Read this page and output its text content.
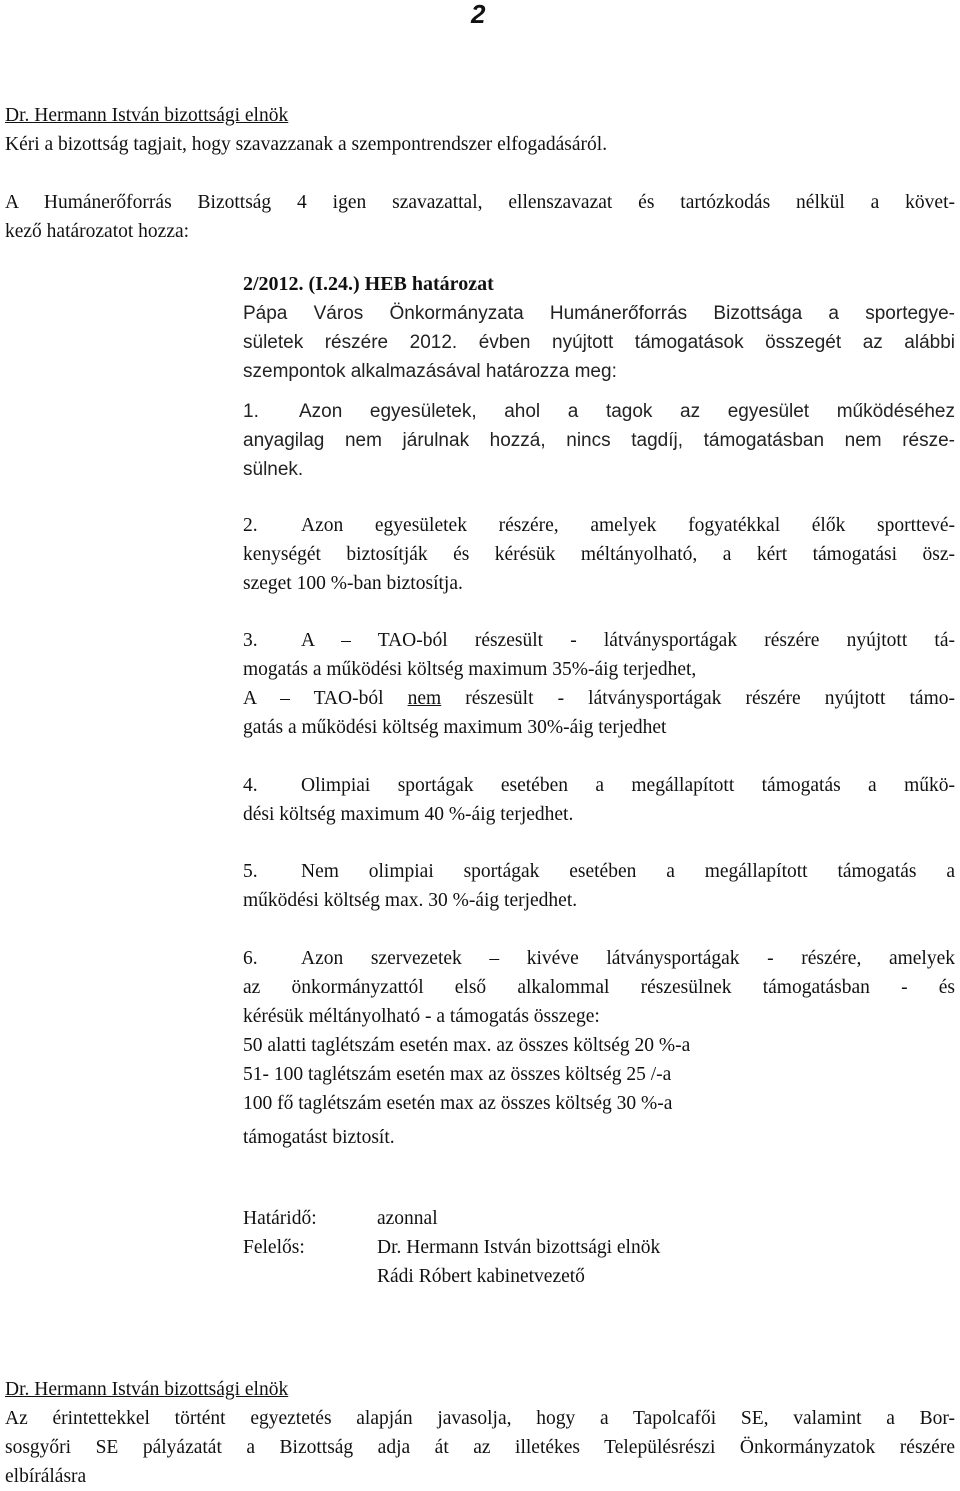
2
Dr. Hermann István bizottsági elnök
Kéri a bizottság tagjait, hogy szavazzanak a szempontrendszer elfogadásáról.
A Humánerőforrás Bizottság 4 igen szavazattal, ellenszavazat és tartózkodás nélkül a követ-
kező határozatot hozza:
2/2012. (I.24.) HEB határozat
Pápa Város Önkormányzata Humánerőforrás Bizottsága a sportegye-
sületek részére 2012. évben nyújtott támogatások összegét az alábbi
szempontok alkalmazásával határozza meg:
1. Azon egyesületek, ahol a tagok az egyesület működéséhez
anyagilag nem járulnak hozzá, nincs tagdíj, támogatásban nem része-
sülnek.
2. Azon egyesületek részére, amelyek fogyatékkal élők sporttevé-
kenységét biztosítják és kérésük méltányolható, a kért támogatási ösz-
szeget 100 %-ban biztosítja.
3. A – TAO-ból részesült - látványsportágak részére nyújtott tá-
mogatás a működési költség maximum 35%-áig terjedhet,
A – TAO-ból nem részesült - látványsportágak részére nyújtott támo-
gatás a működési költség maximum 30%-áig terjedhet
4. Olimpiai sportágak esetében a megállapított támogatás a műkö-
dési költség maximum 40 %-áig terjedhet.
5. Nem olimpiai sportágak esetében a megállapított támogatás a
működési költség max. 30 %-áig terjedhet.
6. Azon szervezetek – kivéve látványsportágak - részére, amelyek
az önkormányzattól első alkalommal részesülnek támogatásban - és
kérésük méltányolható - a támogatás összege:
50 alatti taglétszám esetén max. az összes költség 20 %-a
51- 100 taglétszám esetén max az összes költség 25 /-a
100 fő taglétszám esetén max az összes költség 30 %-a
támogatást biztosít.
Határidő:	azonnal
Felelős:	Dr. Hermann István bizottsági elnök
Rádi Róbert kabinetvezető
Dr. Hermann István bizottsági elnök
Az érintettekkel történt egyeztetés alapján javasolja, hogy a Tapolcafői SE, valamint a Bor-
sosgyőri SE pályázatát a Bizottság adja át az illetékes Településrészi Önkormányzatok részére
elbírálásra
